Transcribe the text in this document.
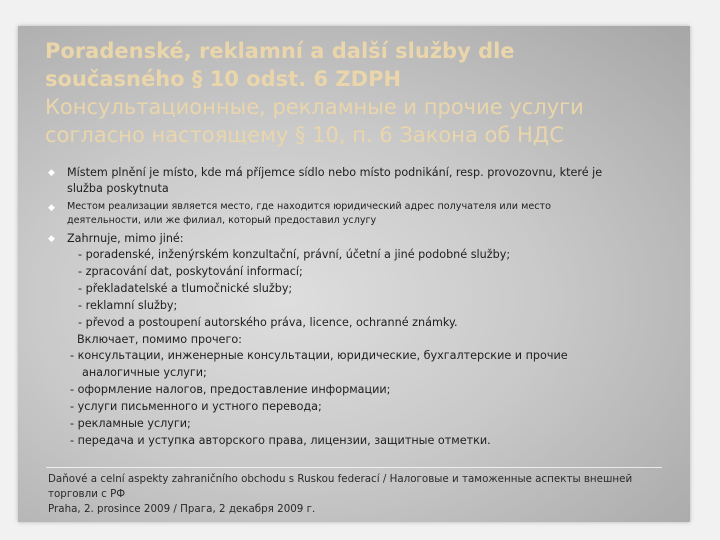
Poradenské, reklamní a další služby dle
současného § 10 odst. 6 ZDPH
Консультационные, рекламные и прочие услуги
согласно настоящему § 10, п. 6 Закона об НДС
◆ Místem plnění je místo, kde má příjemce sídlo nebo místo podnikání, resp. provozovnu, které je
služba poskytnuta
◆ Местом реализации является место, где находится юридический адрес получателя или место
деятельности, или же филиал, который предоставил услугу
◆ Zahrnuje, mimo jiné:
- poradenské, inženýrském konzultační, právní, účetní a jiné podobné služby;
- zpracování dat, poskytování informací;
- překladatelské a tlumočnické služby;
- reklamní služby;
- převod a postoupení autorského práva, licence, ochranné známky.
Включает, помимо прочего:
- консультации, инженерные консультации, юридические, бухгалтерские и прочие
аналогичные услуги;
- оформление налогов, предоставление информации;
- услуги письменного и устного перевода;
- рекламные услуги;
- передача и уступка авторского права, лицензии, защитные отметки.
Daňové a celní aspekty zahraničního obchodu s Ruskou federací / Налоговые и таможенные аспекты внешней
торговли с РФ
Praha, 2. prosince 2009 / Прага, 2 декабря 2009 г.
